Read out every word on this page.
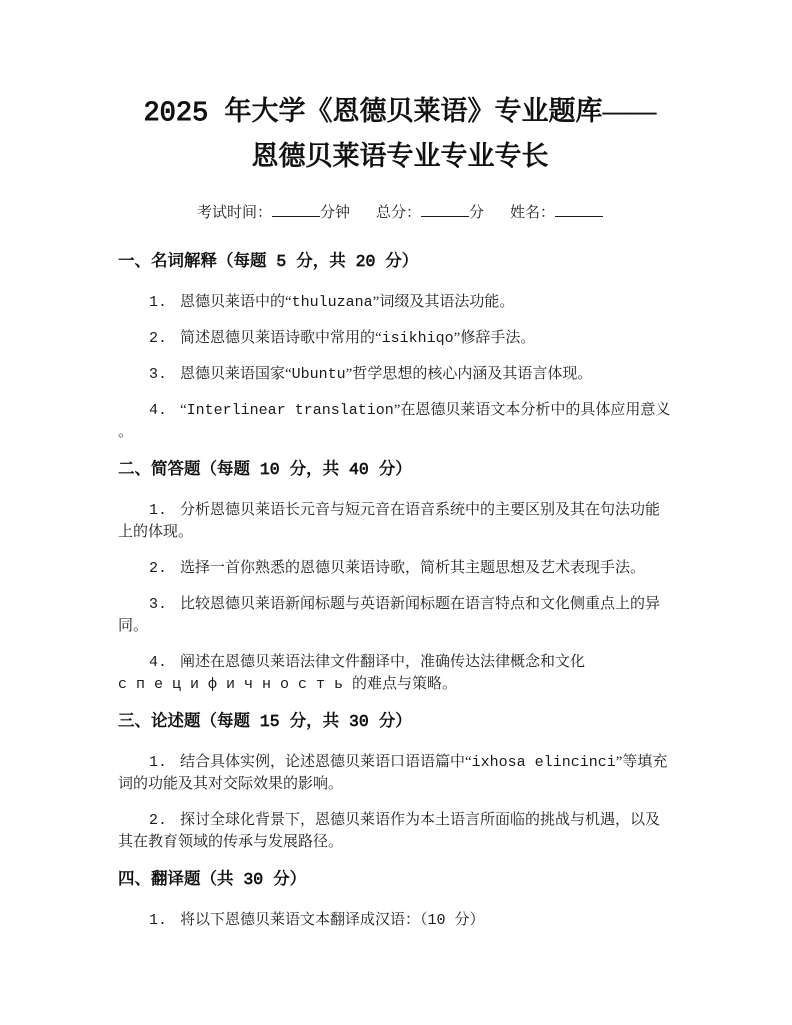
2025 年大学《恩德贝莱语》专业题库——
恩德贝莱语专业专业专长
考试时间：	分钟 总分：	分 姓名：
一、名词解释（每题 5 分，共 20 分）

1. 恩德贝莱语中的“thuluzana”词缀及其语法功能。

2. 简述恩德贝莱语诗歌中常用的“isikhiqo”修辞手法。

3. 恩德贝莱语国家“Ubuntu”哲学思想的核心内涵及其语言体现。

4. “Interlinear translation”在恩德贝莱语文本分析中的具体应用意义
。

二、简答题（每题 10 分，共 40 分）

1. 分析恩德贝莱语长元音与短元音在语音系统中的主要区别及其在句法功能
上的体现。

2. 选择一首你熟悉的恩德贝莱语诗歌，简析其主题思想及艺术表现手法。

3. 比较恩德贝莱语新闻标题与英语新闻标题在语言特点和文化侧重点上的异
同。

4. 阐述在恩德贝莱语法律文件翻译中，准确传达法律概念和文化
с п е ц и ф и ч н о с т ь 的难点与策略。

三、论述题（每题 15 分，共 30 分）

1. 结合具体实例，论述恩德贝莱语口语语篇中“ixhosa elincinci”等填充
词的功能及其对交际效果的影响。

2. 探讨全球化背景下，恩德贝莱语作为本土语言所面临的挑战与机遇，以及
其在教育领域的传承与发展路径。

四、翻译题（共 30 分）

1. 将以下恩德贝莱语文本翻译成汉语：（10 分）
